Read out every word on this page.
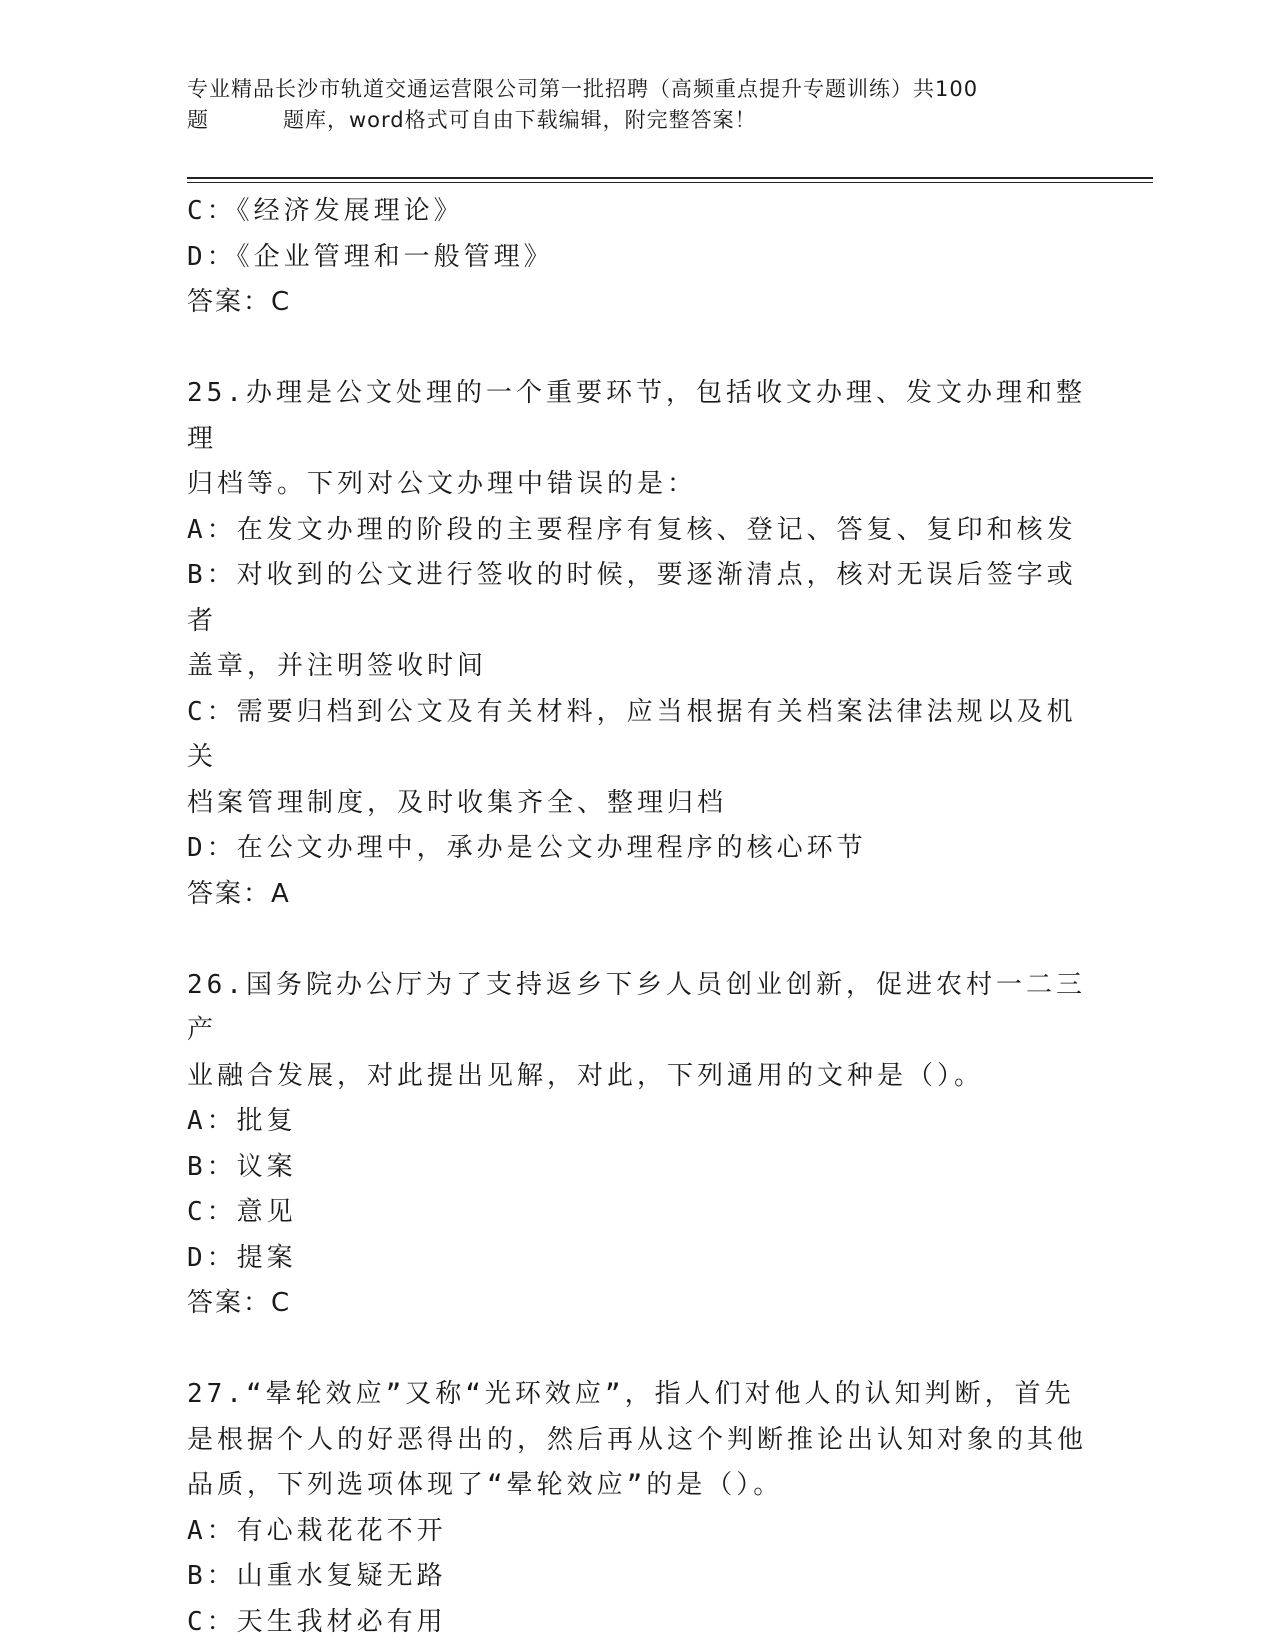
专业精品长沙市轨道交通运营限公司第一批招聘（高频重点提升专题训练）共100
题	题库，word格式可自由下载编辑，附完整答案！

C：《经济发展理论》

D：《企业管理和一般管理》

答案：C

25.办理是公文处理的一个重要环节，包括收文办理、发文办理和整理

归档等。下列对公文办理中错误的是：

A：在发文办理的阶段的主要程序有复核、登记、答复、复印和核发

B：对收到的公文进行签收的时候，要逐渐清点，核对无误后签字或者

盖章，并注明签收时间

C：需要归档到公文及有关材料，应当根据有关档案法律法规以及机关

档案管理制度，及时收集齐全、整理归档

D：在公文办理中，承办是公文办理程序的核心环节

答案：A

26.国务院办公厅为了支持返乡下乡人员创业创新，促进农村一二三产

业融合发展，对此提出见解，对此，下列通用的文种是（）。

A：批复

B：议案

C：意见

D：提案

答案：C

27.“晕轮效应”又称“光环效应”，指人们对他人的认知判断，首先

是根据个人的好恶得出的，然后再从这个判断推论出认知对象的其他

品质，下列选项体现了“晕轮效应”的是（）。

A：有心栽花花不开

B：山重水复疑无路

C：天生我材必有用
